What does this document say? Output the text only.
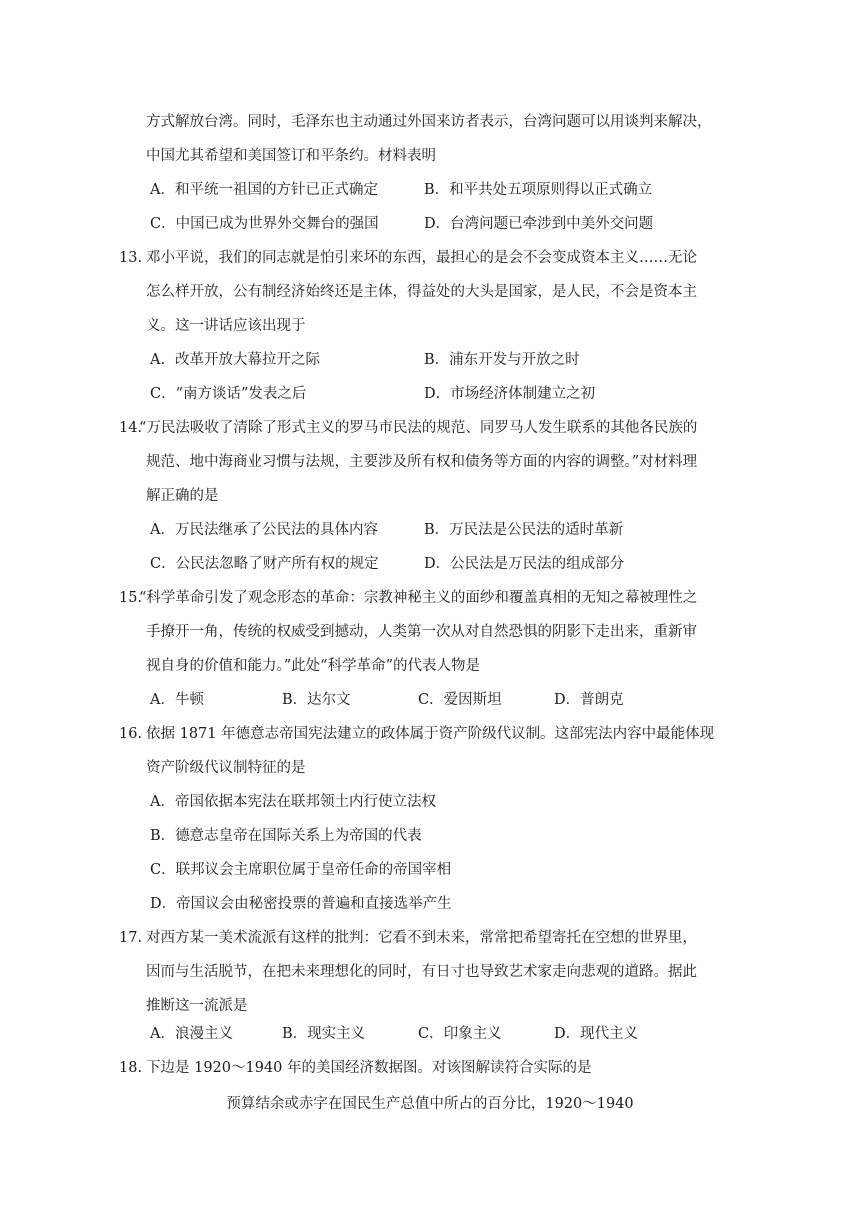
方式解放台湾。同时，毛泽东也主动通过外国来访者表示，台湾问题可以用谈判来解决，
中国尤其希望和美国签订和平条约。材料表明
A．和平统一祖国的方针已正式确定	B．和平共处五项原则得以正式确立
C．中国已成为世界外交舞台的强国	D．台湾问题已牵涉到中美外交问题
13. 邓小平说，我们的同志就是怕引来坏的东西，最担心的是会不会变成资本主义……无论
怎么样开放，公有制经济始终还是主体，得益处的大头是国家，是人民，不会是资本主
义。这一讲话应该出现于
A．改革开放大幕拉开之际	B．浦东开发与开放之时
C．“南方谈话”发表之后	D．市场经济体制建立之初
14.
“万民法吸收了清除了形式主义的罗马市民法的规范、同罗马人发生联系的其他各民族的
规范、地中海商业习惯与法规，主要涉及所有权和债务等方面的内容的调整。”对材料理
解正确的是
A．万民法继承了公民法的具体内容	B．万民法是公民法的适时革新
C．公民法忽略了财产所有权的规定	D．公民法是万民法的组成部分
15.
“科学革命引发了观念形态的革命：宗教神秘主义的面纱和覆盖真相的无知之幕被理性之
手撩开一角，传统的权威受到撼动，人类第一次从对自然恐惧的阴影下走出来，重新审
视自身的价值和能力。”此处“科学革命”的代表人物是
A．牛顿	B．达尔文	C．爱因斯坦	D．普朗克
16. 依据 1871 年德意志帝国宪法建立的政体属于资产阶级代议制。这部宪法内容中最能体现
资产阶级代议制特征的是
A．帝国依据本宪法在联邦领土内行使立法权
B．德意志皇帝在国际关系上为帝国的代表
C．联邦议会主席职位属于皇帝任命的帝国宰相
D．帝国议会由秘密投票的普遍和直接选举产生
17. 对西方某一美术流派有这样的批判：它看不到未来，常常把希望寄托在空想的世界里，
因而与生活脱节，在把未来理想化的同时，有日寸也导致艺术家走向悲观的道路。据此
推断这一流派是
A．浪漫主义	B．现实主义	C．印象主义	D．现代主义
18. 下边是 1920～1940 年的美国经济数据图。对该图解读符合实际的是
预算结余或赤字在国民生产总值中所占的百分比，1920～1940
